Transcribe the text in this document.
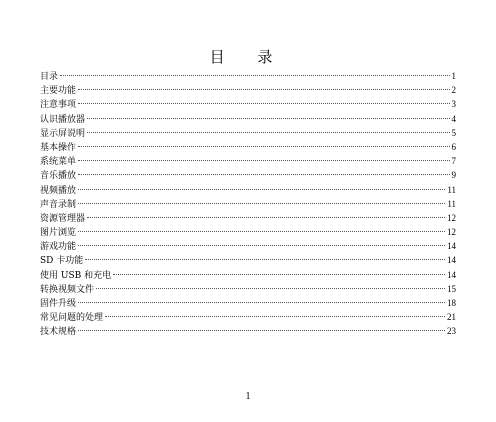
目 录
目录	1
主要功能	2
注意事项	3
认识播放器	4
显示屏说明	5
基本操作	6
系统菜单	7
音乐播放	9
视频播放	11
声音录制	11
资源管理器	12
图片浏览	12
游戏功能	14
SD 卡功能	14
使用 USB 和充电	14
转换视频文件	15
固件升级	18
常见问题的处理	21
技术规格	23
1
